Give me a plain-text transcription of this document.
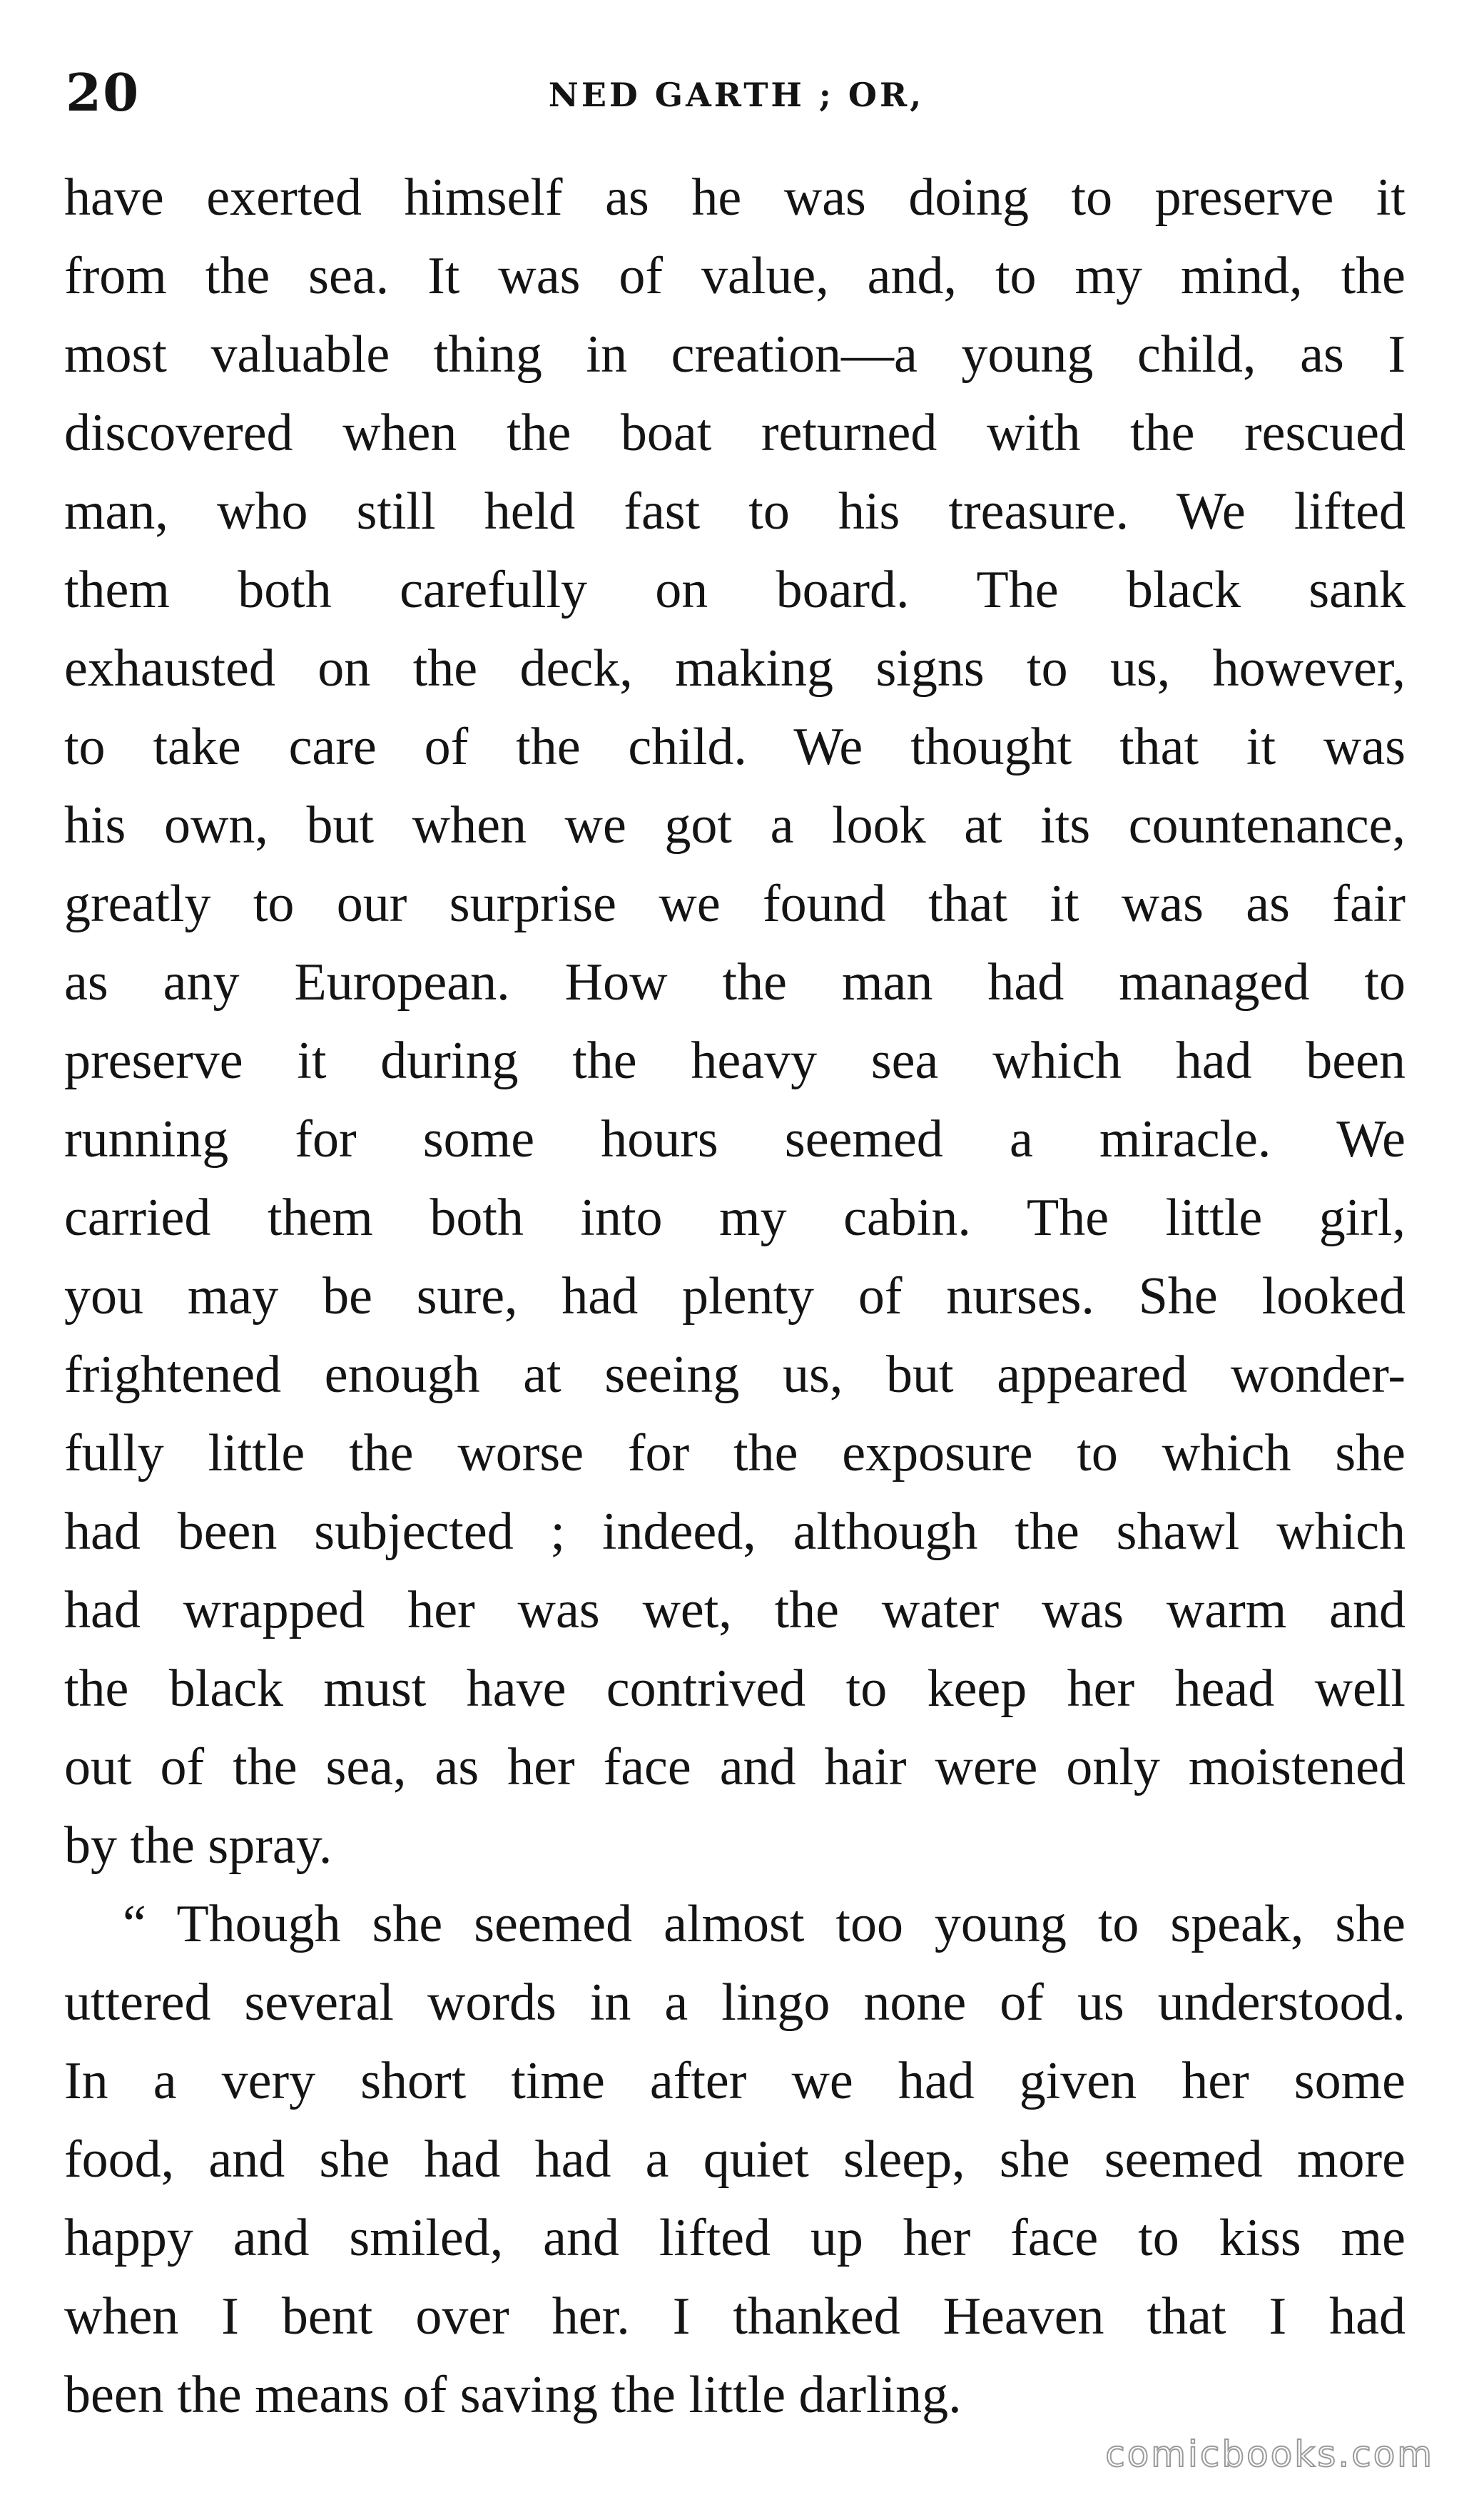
20	NED GARTH ; OR,
have exerted himself as he was doing to preserve it
from the sea. It was of value, and, to my mind, the
most valuable thing in creation—a young child, as I
discovered when the boat returned with the rescued
man, who still held fast to his treasure. We lifted
them both carefully on board. The black sank
exhausted on the deck, making signs to us, however,
to take care of the child. We thought that it was
his own, but when we got a look at its countenance,
greatly to our surprise we found that it was as fair
as any European. How the man had managed to
preserve it during the heavy sea which had been
running for some hours seemed a miracle. We
carried them both into my cabin. The little girl,
you may be sure, had plenty of nurses. She looked
frightened enough at seeing us, but appeared wonder-
fully little the worse for the exposure to which she
had been subjected ; indeed, although the shawl which
had wrapped her was wet, the water was warm and
the black must have contrived to keep her head well
out of the sea, as her face and hair were only moistened
by the spray.
“ Though she seemed almost too young to speak, she
uttered several words in a lingo none of us understood.
In a very short time after we had given her some
food, and she had had a quiet sleep, she seemed more
happy and smiled, and lifted up her face to kiss me
when I bent over her. I thanked Heaven that I had
been the means of saving the little darling.
comicbooks.com
